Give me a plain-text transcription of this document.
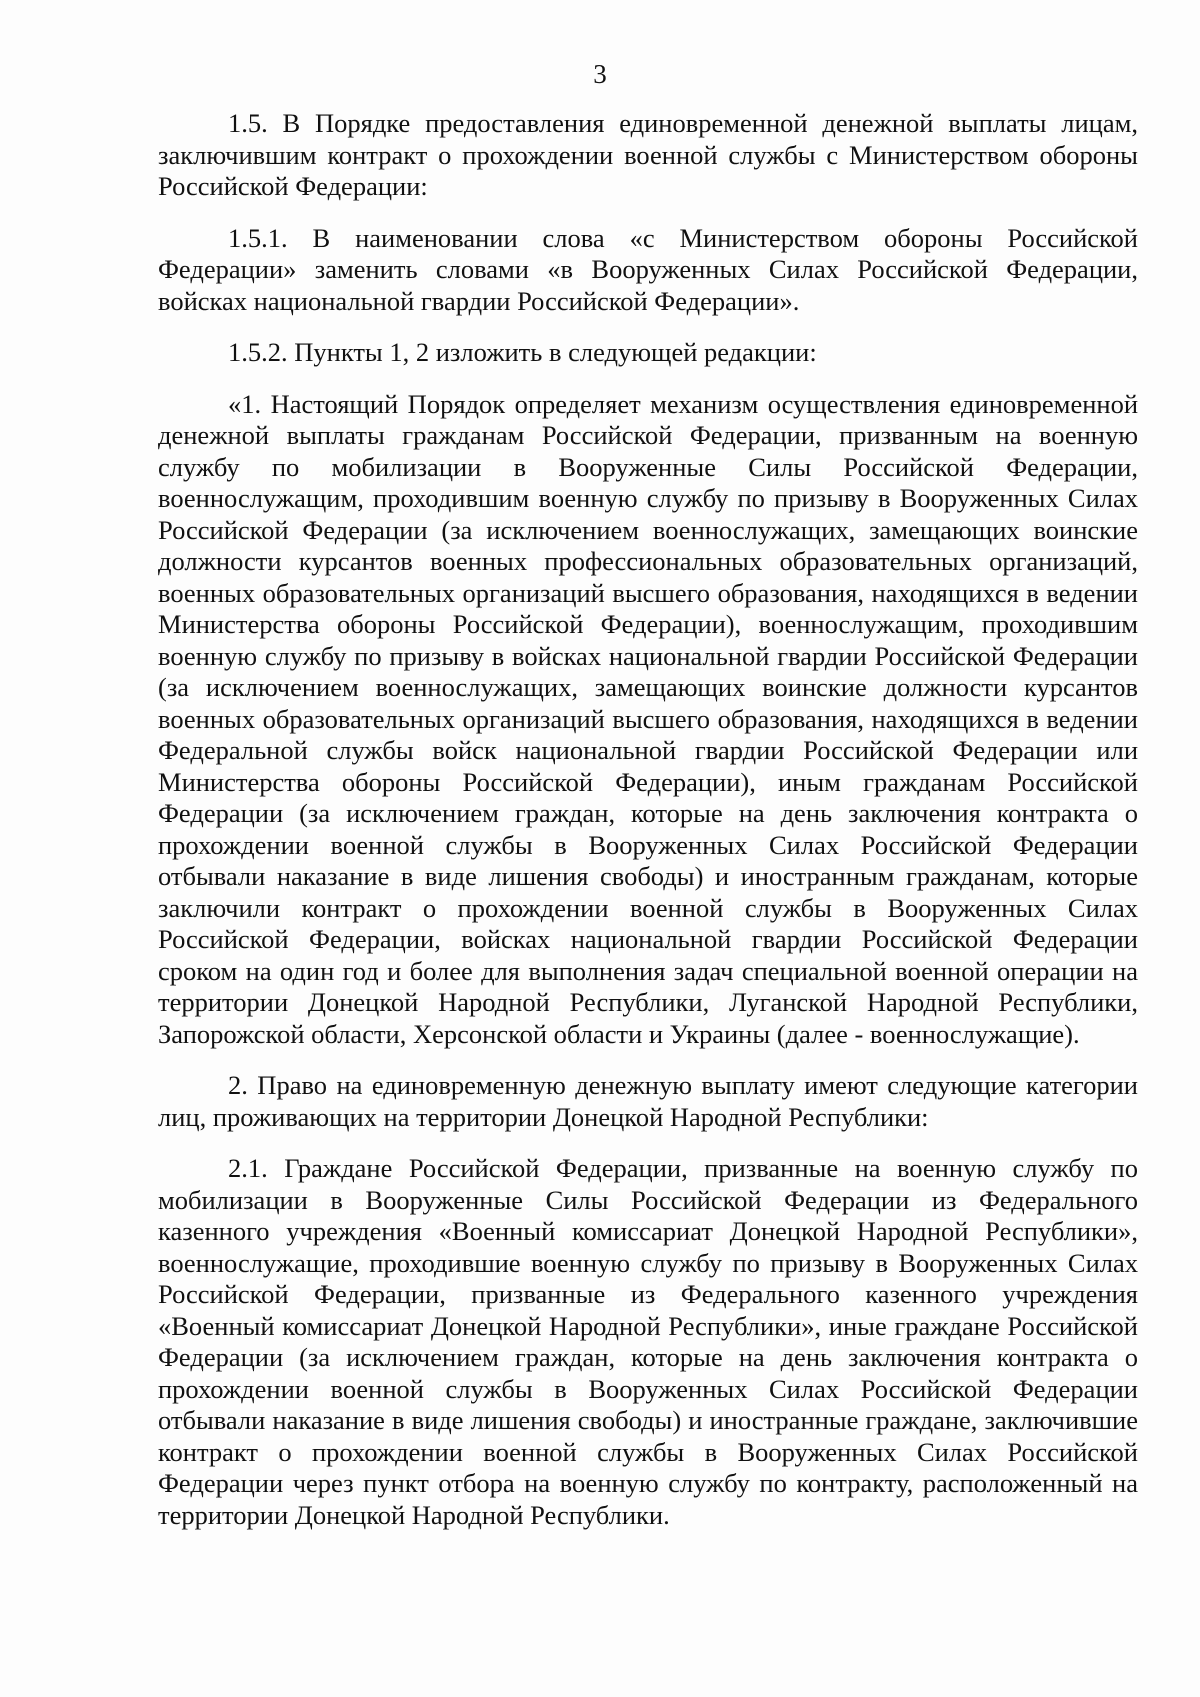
3

1.5. В Порядке предоставления единовременной денежной выплаты лицам, заключившим контракт о прохождении военной службы с Министерством обороны Российской Федерации:

1.5.1. В наименовании слова «с Министерством обороны Российской Федерации» заменить словами «в Вооруженных Силах Российской Федерации, войсках национальной гвардии Российской Федерации».

1.5.2. Пункты 1, 2 изложить в следующей редакции:

«1. Настоящий Порядок определяет механизм осуществления единовременной денежной выплаты гражданам Российской Федерации, призванным на военную службу по мобилизации в Вооруженные Силы Российской Федерации, военнослужащим, проходившим военную службу по призыву в Вооруженных Силах Российской Федерации (за исключением военнослужащих, замещающих воинские должности курсантов военных профессиональных образовательных организаций, военных образовательных организаций высшего образования, находящихся в ведении Министерства обороны Российской Федерации), военнослужащим, проходившим военную службу по призыву в войсках национальной гвардии Российской Федерации (за исключением военнослужащих, замещающих воинские должности курсантов военных образовательных организаций высшего образования, находящихся в ведении Федеральной службы войск национальной гвардии Российской Федерации или Министерства обороны Российской Федерации), иным гражданам Российской Федерации (за исключением граждан, которые на день заключения контракта о прохождении военной службы в Вооруженных Силах Российской Федерации отбывали наказание в виде лишения свободы) и иностранным гражданам, которые заключили контракт о прохождении военной службы в Вооруженных Силах Российской Федерации, войсках национальной гвардии Российской Федерации сроком на один год и более для выполнения задач специальной военной операции на территории Донецкой Народной Республики, Луганской Народной Республики, Запорожской области, Херсонской области и Украины (далее - военнослужащие).

2. Право на единовременную денежную выплату имеют следующие категории лиц, проживающих на территории Донецкой Народной Республики:

2.1. Граждане Российской Федерации, призванные на военную службу по мобилизации в Вооруженные Силы Российской Федерации из Федерального казенного учреждения «Военный комиссариат Донецкой Народной Республики», военнослужащие, проходившие военную службу по призыву в Вооруженных Силах Российской Федерации, призванные из Федерального казенного учреждения «Военный комиссариат Донецкой Народной Республики», иные граждане Российской Федерации (за исключением граждан, которые на день заключения контракта о прохождении военной службы в Вооруженных Силах Российской Федерации отбывали наказание в виде лишения свободы) и иностранные граждане, заключившие контракт о прохождении военной службы в Вооруженных Силах Российской Федерации через пункт отбора на военную службу по контракту, расположенный на территории Донецкой Народной Республики.
